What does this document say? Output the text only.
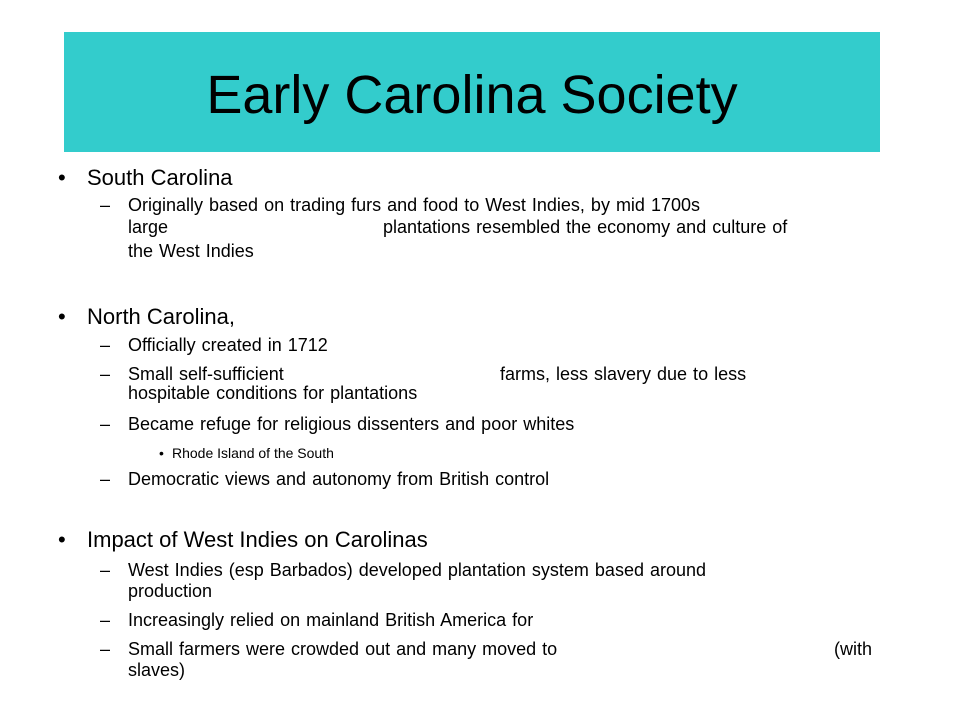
Early Carolina Society
• South Carolina
– Originally based on trading furs and food to West Indies, by mid 1700s
large	plantations resembled the economy and culture of
the West Indies
• North Carolina,
– Officially created in 1712
– Small self-sufficient	farms, less slavery due to less
hospitable conditions for plantations
– Became refuge for religious dissenters and poor whites
• Rhode Island of the South
– Democratic views and autonomy from British control
• Impact of West Indies on Carolinas
– West Indies (esp Barbados) developed plantation system based around
production
– Increasingly relied on mainland British America for
– Small farmers were crowded out and many moved to	(with
slaves)
